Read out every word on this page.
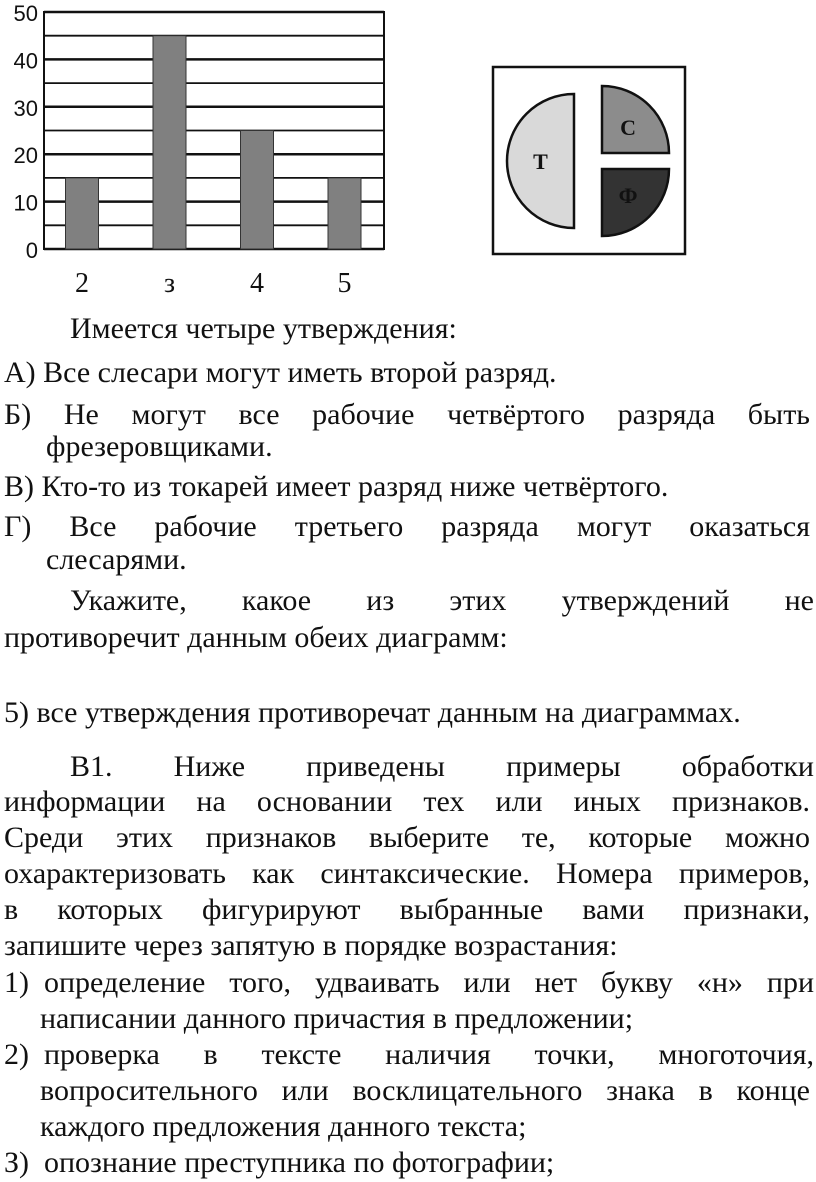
0
10
20
30
40
50
2	з	4	5
Т
С
Ф
Имеется четыре утверждения:
А) Все слесари могут иметь второй разряд.
Б) Не могут все рабочие четвёртого разряда быть
фрезеровщиками.
В) Кто-то из токарей имеет разряд ниже четвёртого.
Г) Все рабочие третьего разряда могут оказаться
слесарями.
Укажите, какое из этих утверждений не
противоречит данным обеих диаграмм:
5) все утверждения противоречат данным на диаграммах.
В1. Ниже приведены примеры обработки
информации на основании тех или иных признаков.
Среди этих признаков выберите те, которые можно
охарактеризовать как синтаксические. Номера примеров,
в которых фигурируют выбранные вами признаки,
запишите через запятую в порядке возрастания:
1) определение того, удваивать или нет букву «н» при
написании данного причастия в предложении;
2) проверка в тексте наличия точки, многоточия,
вопросительного или восклицательного знака в конце
каждого предложения данного текста;
З) опознание преступника по фотографии;
